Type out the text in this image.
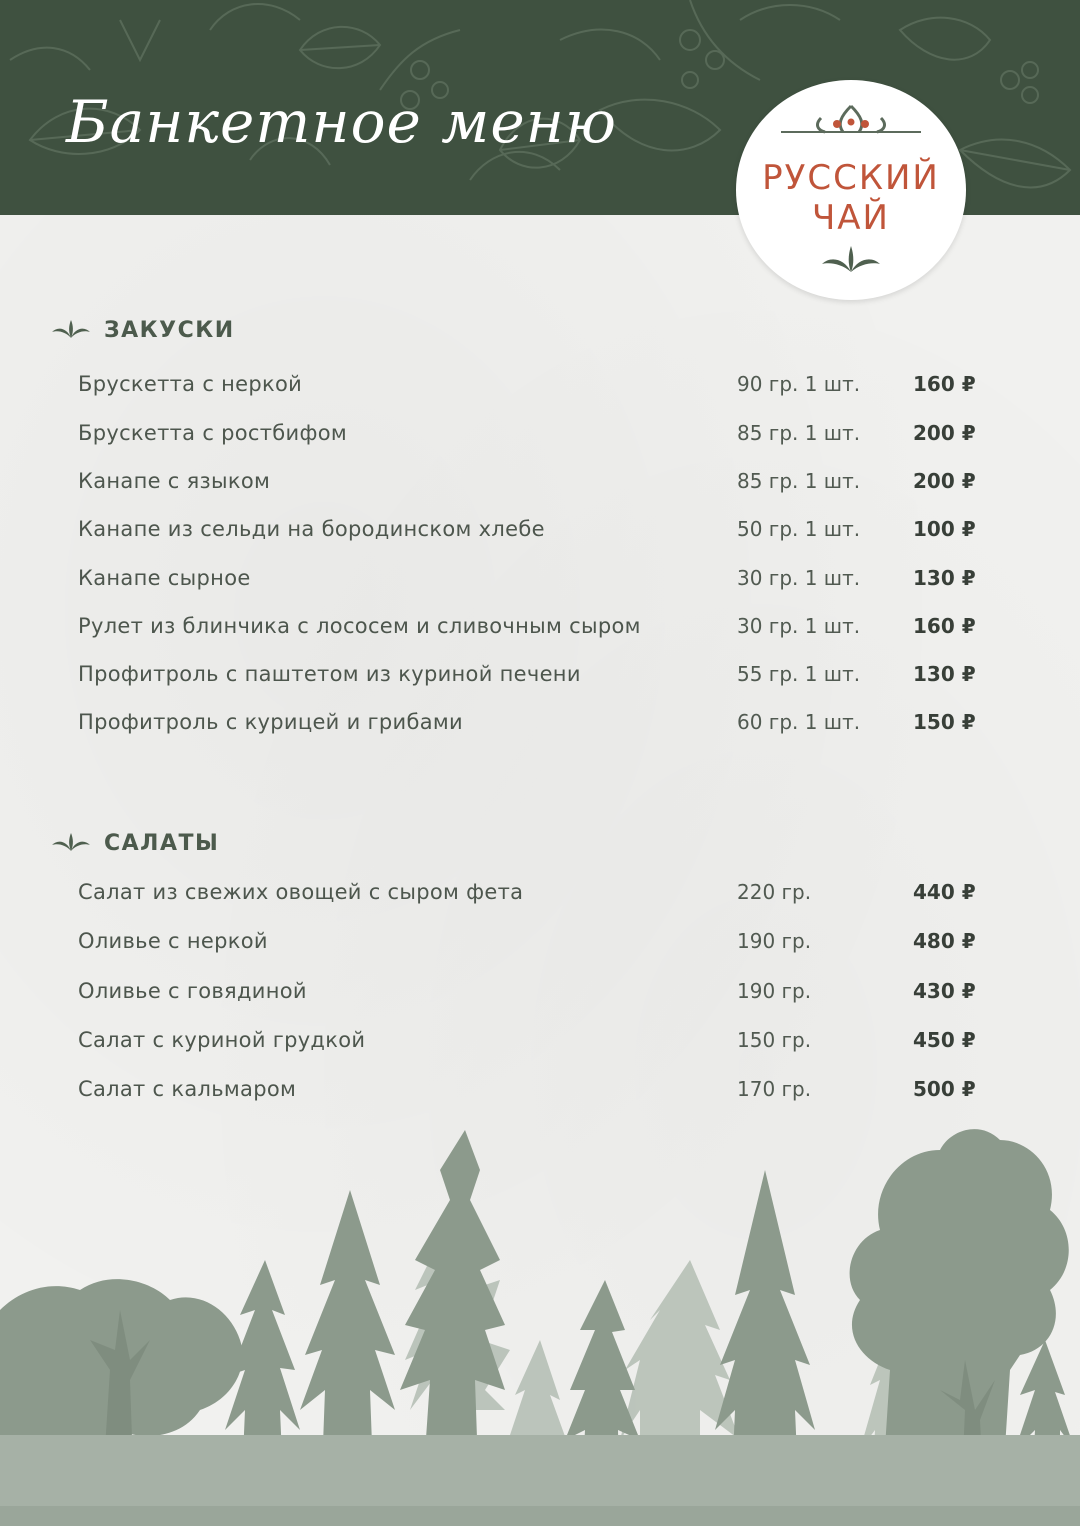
Банкетное меню
РУССКИЙ
ЧАЙ
ЗАКУСКИ
Брускетта с неркой	90 гр. 1 шт.	160 ₽
Брускетта с ростбифом	85 гр. 1 шт.	200 ₽
Канапе с языком	85 гр. 1 шт.	200 ₽
Канапе из сельди на бородинском хлебе	50 гр. 1 шт.	100 ₽
Канапе сырное	30 гр. 1 шт.	130 ₽
Рулет из блинчика с лососем и сливочным сыром	30 гр. 1 шт.	160 ₽
Профитроль с паштетом из куриной печени	55 гр. 1 шт.	130 ₽
Профитроль с курицей и грибами	60 гр. 1 шт.	150 ₽
САЛАТЫ
Салат из свежих овощей с сыром фета	220 гр.	440 ₽
Оливье с неркой	190 гр.	480 ₽
Оливье с говядиной	190 гр.	430 ₽
Салат с куриной грудкой	150 гр.	450 ₽
Салат с кальмаром	170 гр.	500 ₽
